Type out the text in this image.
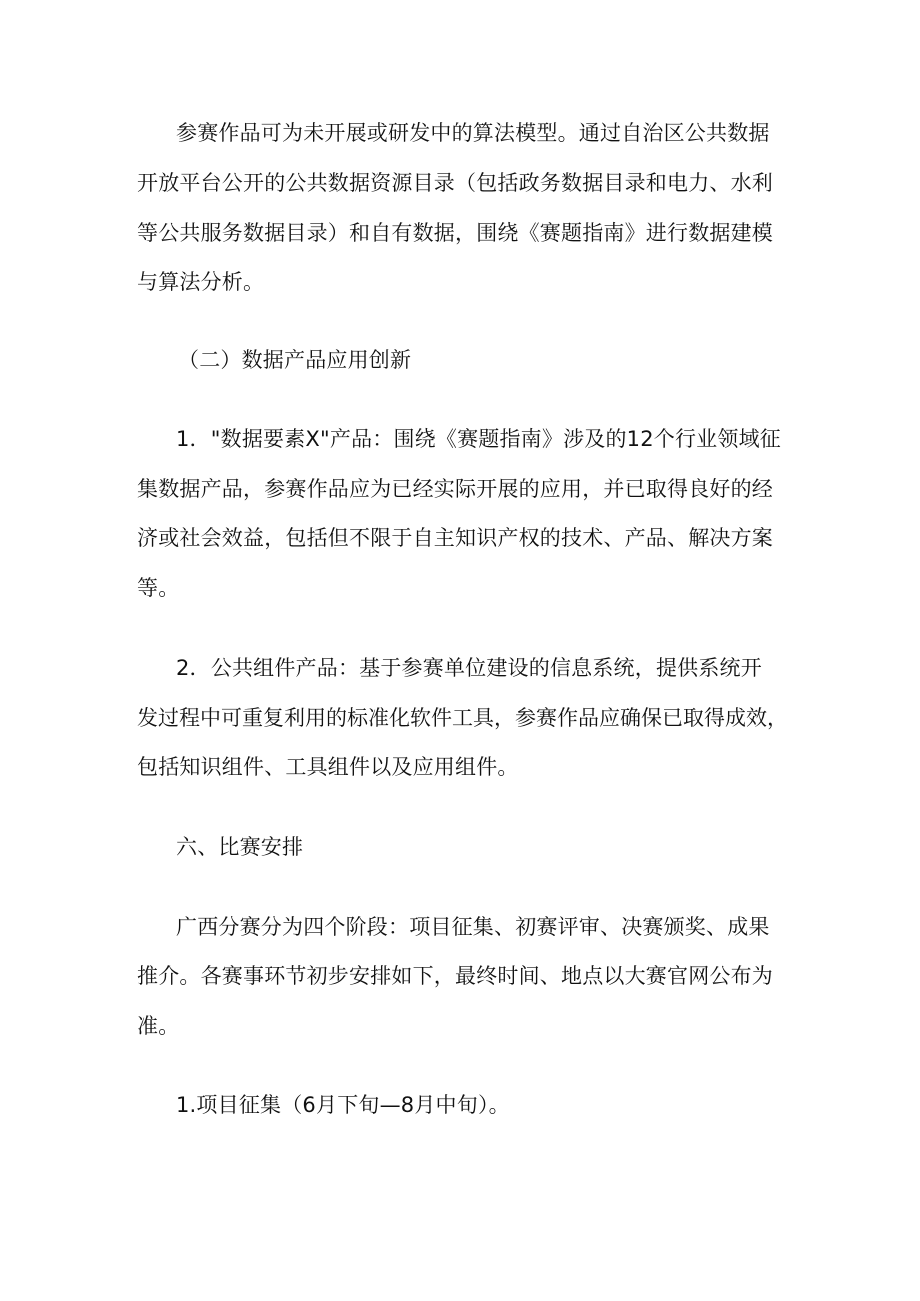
参赛作品可为未开展或研发中的算法模型。通过自治区公共数据
开放平台公开的公共数据资源目录（包括政务数据目录和电力、水利
等公共服务数据目录）和自有数据，围绕《赛题指南》进行数据建模
与算法分析。
（二）数据产品应用创新
1．"数据要素X"产品：围绕《赛题指南》涉及的12个行业领域征
集数据产品，参赛作品应为已经实际开展的应用，并已取得良好的经
济或社会效益，包括但不限于自主知识产权的技术、产品、解决方案
等。
2．公共组件产品：基于参赛单位建设的信息系统，提供系统开
发过程中可重复利用的标准化软件工具，参赛作品应确保已取得成效，
包括知识组件、工具组件以及应用组件。
六、比赛安排
广西分赛分为四个阶段：项目征集、初赛评审、决赛颁奖、成果
推介。各赛事环节初步安排如下，最终时间、地点以大赛官网公布为
准。
1.项目征集（6月下旬—8月中旬）。
